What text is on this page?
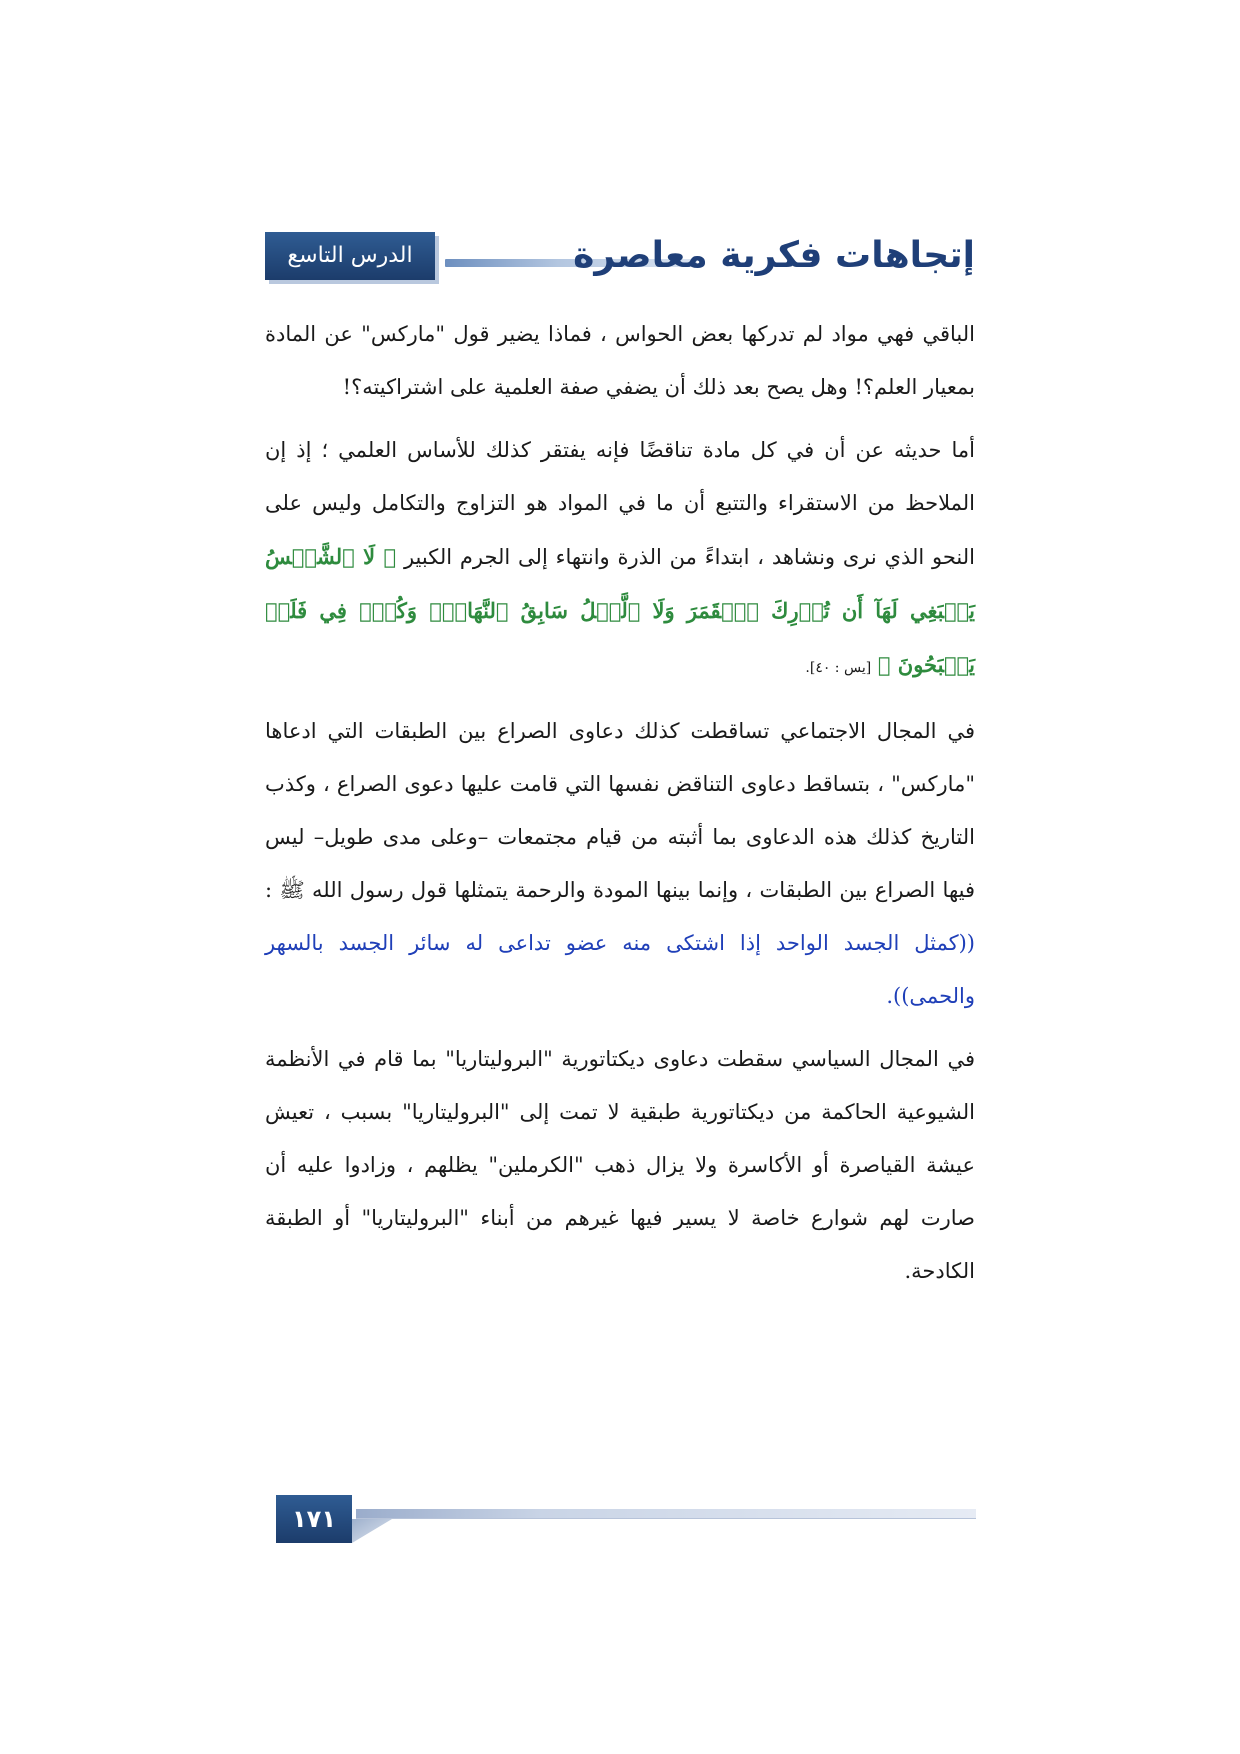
الدرس التاسع	إتجاهات فكرية معاصرة

الباقي فهي مواد لم تدركها بعض الحواس ، فماذا يضير قول "ماركس" عن المادة بمعيار العلم؟! وهل يصح بعد ذلك أن يضفي صفة العلمية على اشتراكيته؟!

أما حديثه عن أن في كل مادة تناقضًا فإنه يفتقر كذلك للأساس العلمي ؛ إذ إن الملاحظ من الاستقراء والتتبع أن ما في المواد هو التزاوج والتكامل وليس على النحو الذي نرى ونشاهد ، ابتداءً من الذرة وانتهاء إلى الجرم الكبير ﴿ لَا ٱلشَّمۡسُ يَنۢبَغِي لَهَآ أَن تُدۡرِكَ ٱلۡقَمَرَ وَلَا ٱلَّيۡلُ سَابِقُ ٱلنَّهَارِۚ وَكُلّٞ فِي فَلَكٖ يَسۡبَحُونَ ﴾ [يس : ٤٠].

في المجال الاجتماعي تساقطت كذلك دعاوى الصراع بين الطبقات التي ادعاها "ماركس" ، بتساقط دعاوى التناقض نفسها التي قامت عليها دعوى الصراع ، وكذب التاريخ كذلك هذه الدعاوى بما أثبته من قيام مجتمعات –وعلى مدى طويل– ليس فيها الصراع بين الطبقات ، وإنما بينها المودة والرحمة يتمثلها قول رسول الله ﷺ : ((كمثل الجسد الواحد إذا اشتكى منه عضو تداعى له سائر الجسد بالسهر والحمى)).

في المجال السياسي سقطت دعاوى ديكتاتورية "البروليتاريا" بما قام في الأنظمة الشيوعية الحاكمة من ديكتاتورية طبقية لا تمت إلى "البروليتاريا" بسبب ، تعيش عيشة القياصرة أو الأكاسرة ولا يزال ذهب "الكرملين" يظلهم ، وزادوا عليه أن صارت لهم شوارع خاصة لا يسير فيها غيرهم من أبناء "البروليتاريا" أو الطبقة الكادحة.

١٧١
